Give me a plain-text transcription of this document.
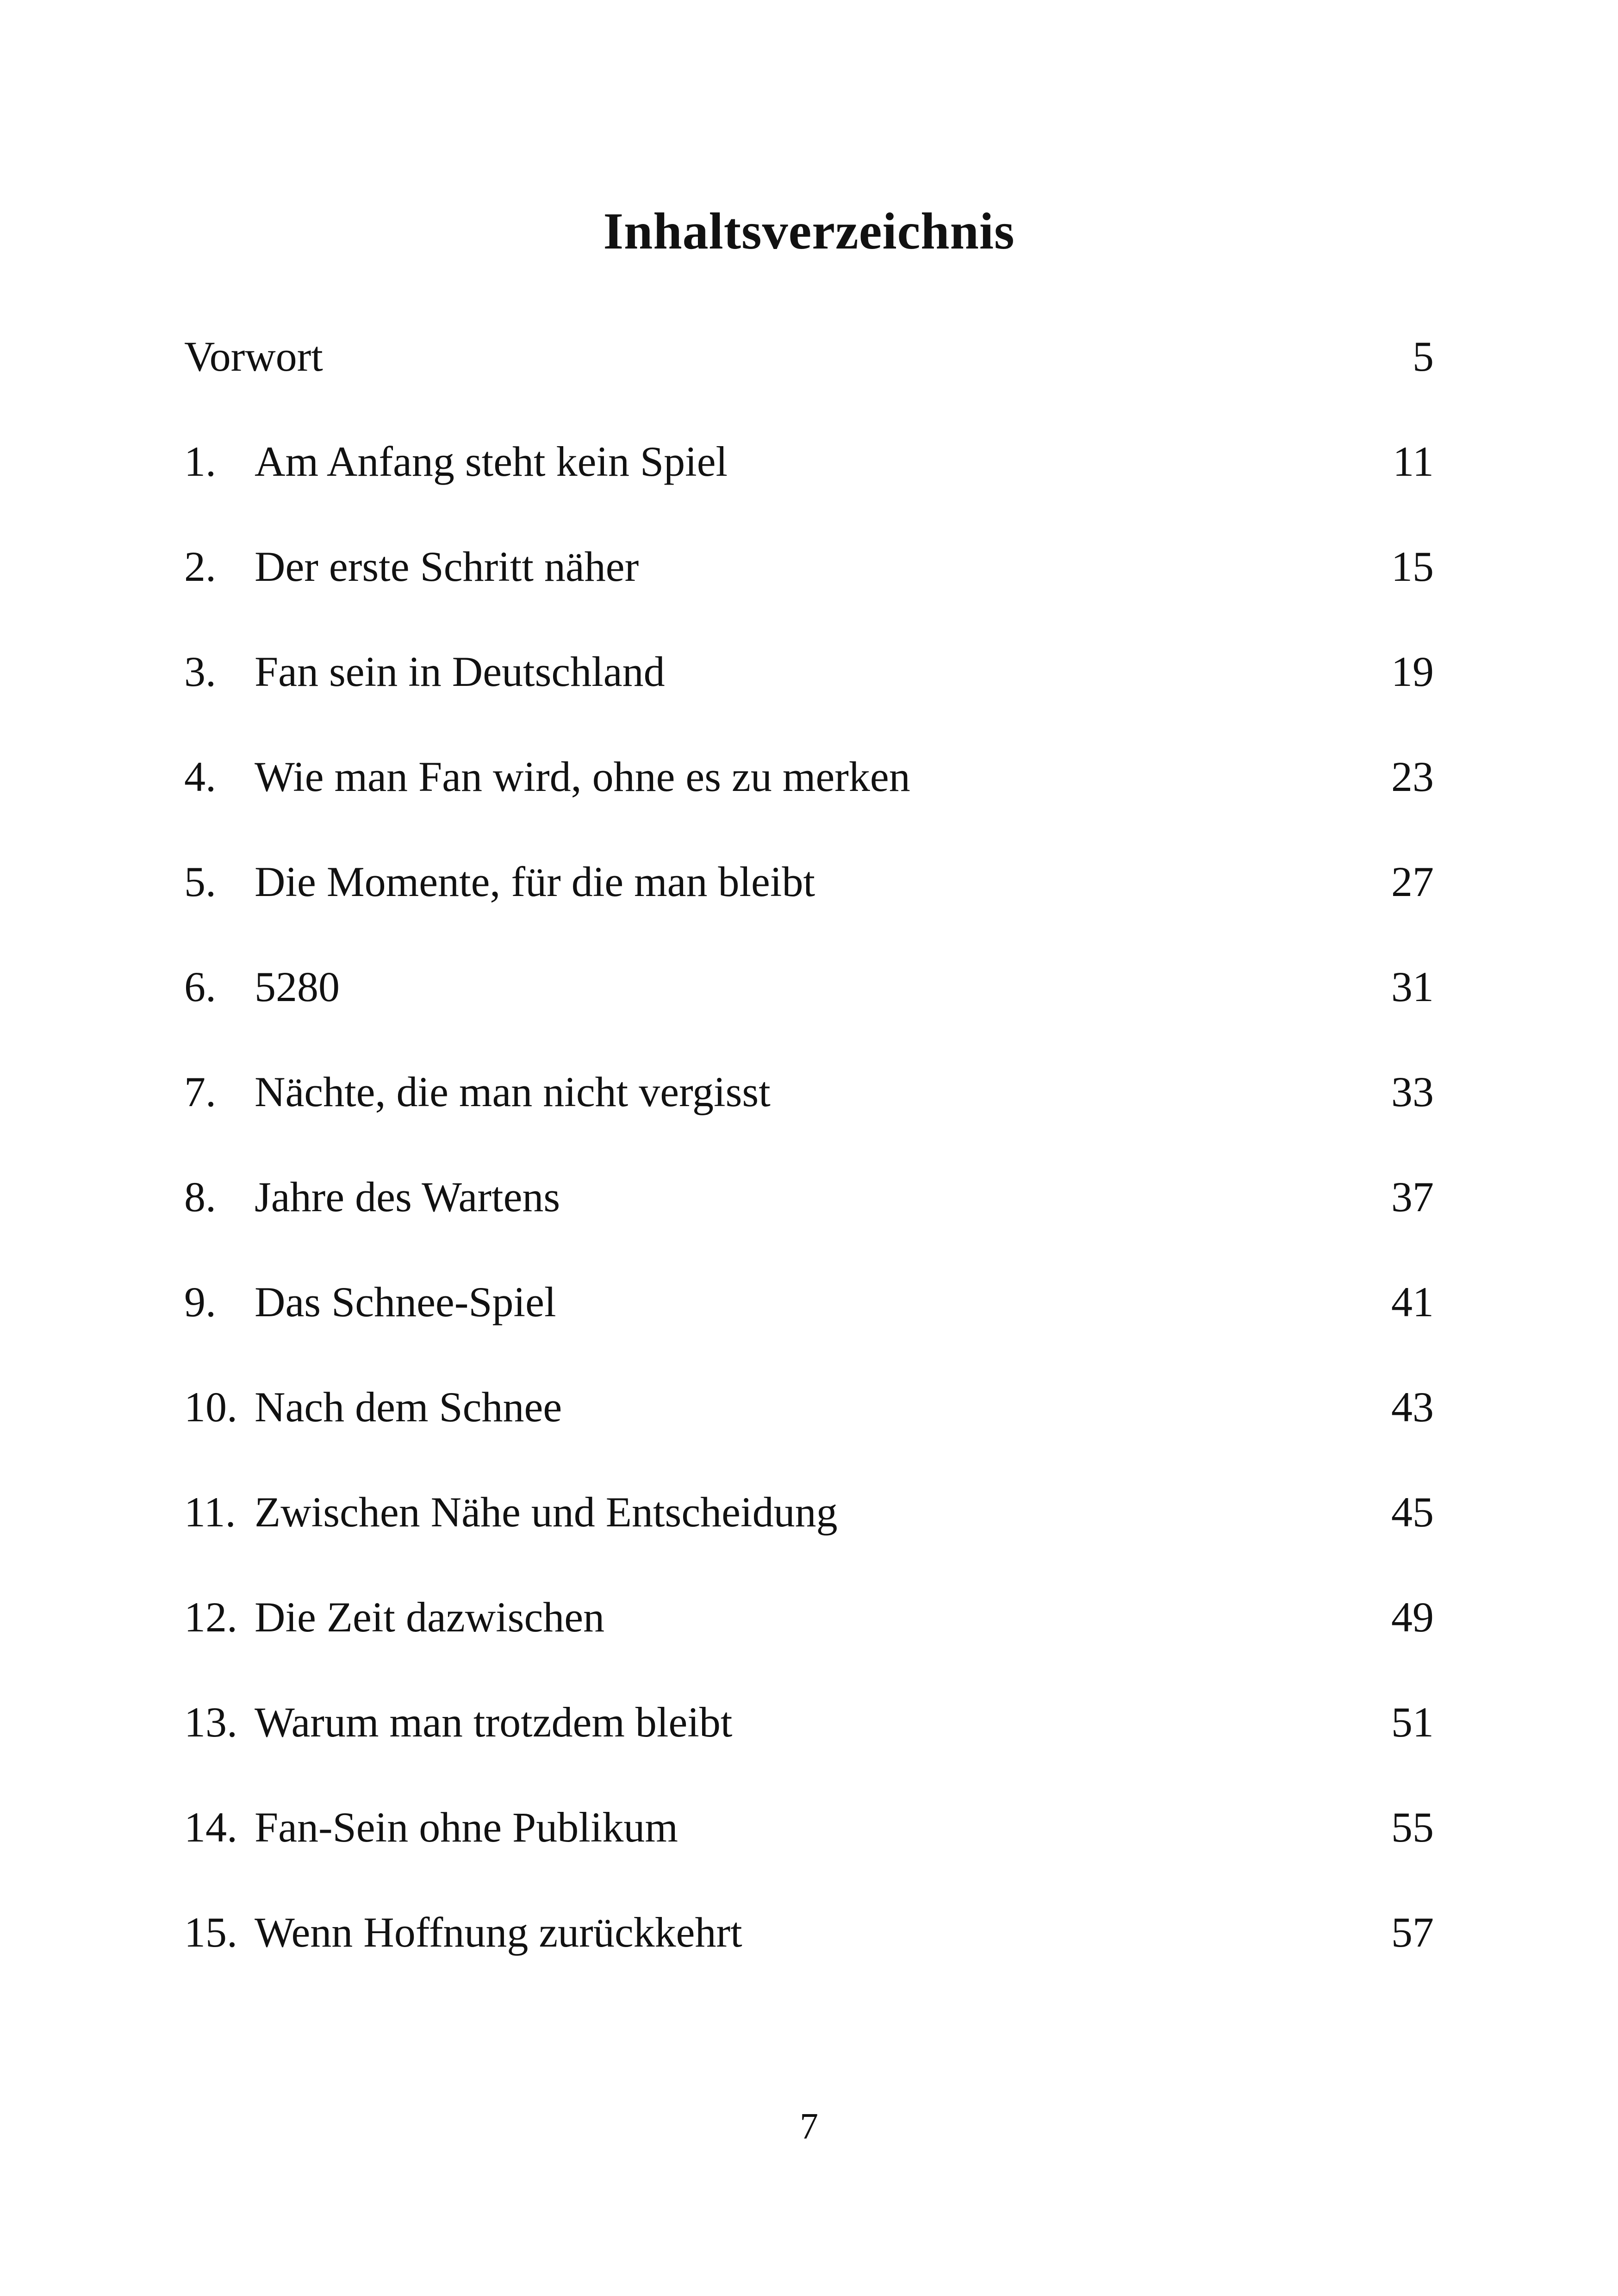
Inhaltsverzeichnis
Vorwort	5
1. Am Anfang steht kein Spiel	11
2. Der erste Schritt näher	15
3. Fan sein in Deutschland	19
4. Wie man Fan wird, ohne es zu merken	23
5. Die Momente, für die man bleibt	27
6. 5280	31
7. Nächte, die man nicht vergisst	33
8. Jahre des Wartens	37
9. Das Schnee-Spiel	41
10. Nach dem Schnee	43
11. Zwischen Nähe und Entscheidung	45
12. Die Zeit dazwischen	49
13. Warum man trotzdem bleibt	51
14. Fan-Sein ohne Publikum	55
15. Wenn Hoffnung zurückkehrt	57
7
